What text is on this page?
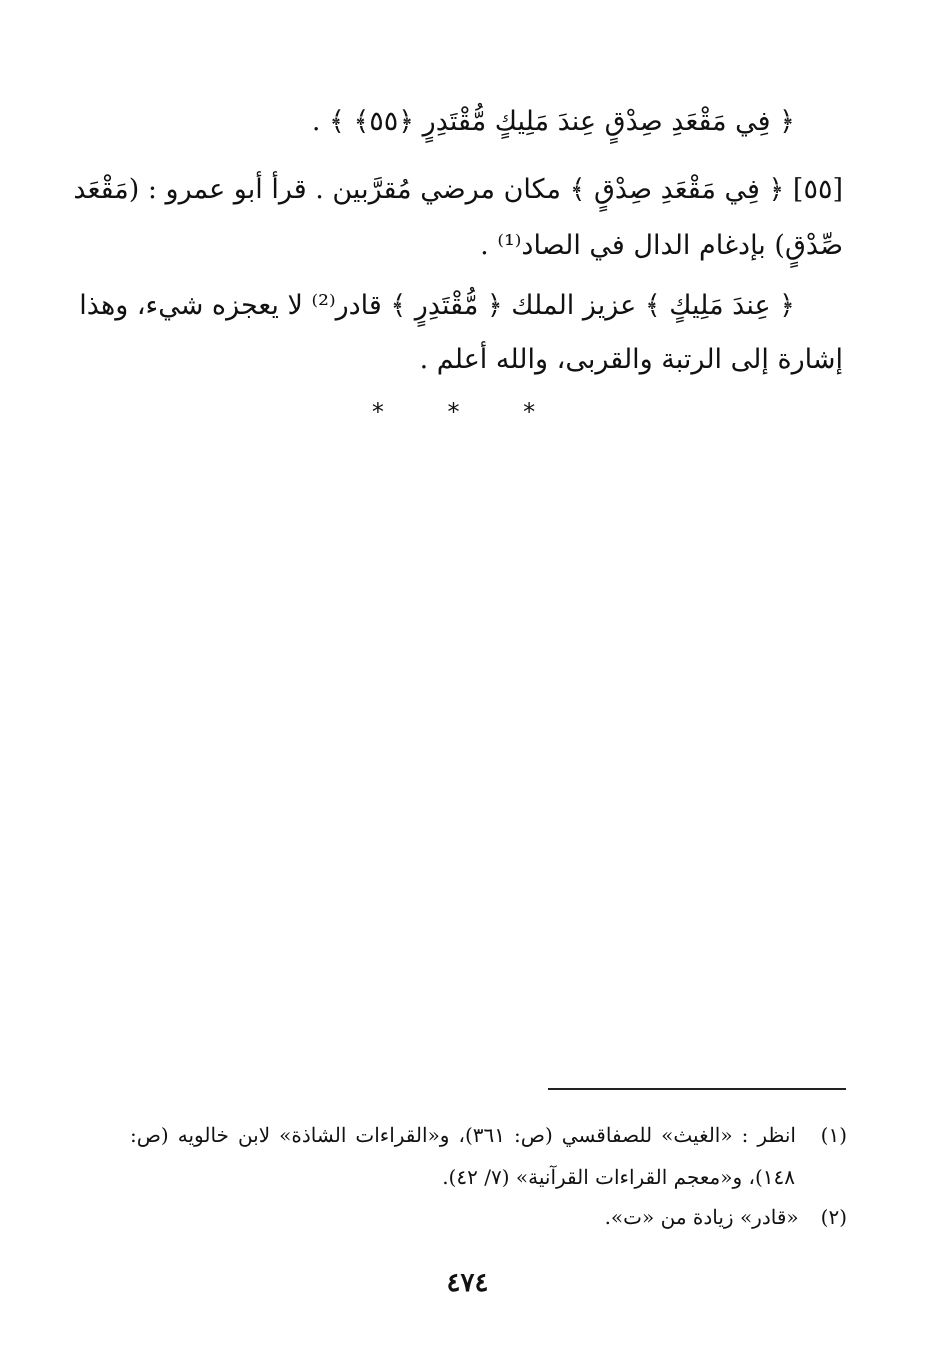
﴿ فِي مَقْعَدِ صِدْقٍ عِندَ مَلِيكٍ مُّقْتَدِرٍ ﴿٥٥﴾ ﴾ .
[٥٥] ﴿ فِي مَقْعَدِ صِدْقٍ ﴾ مكان مرضي مُقرَّبين . قرأ أبو عمرو : (مَقْعَد
صِّدْقٍ) بإدغام الدال في الصاد⁽¹⁾ .
﴿ عِندَ مَلِيكٍ ﴾ عزيز الملك ﴿ مُّقْتَدِرٍ ﴾ قادر⁽²⁾ لا يعجزه شيء، وهذا
إشارة إلى الرتبة والقربى، والله أعلم .
* * *
(١) انظر : «الغيث» للصفاقسي (ص: ٣٦١)، و«القراءات الشاذة» لابن خالويه (ص:
١٤٨)، و«معجم القراءات القرآنية» (٧/ ٤٢).
(٢) «قادر» زيادة من «ت».
٤٧٤
